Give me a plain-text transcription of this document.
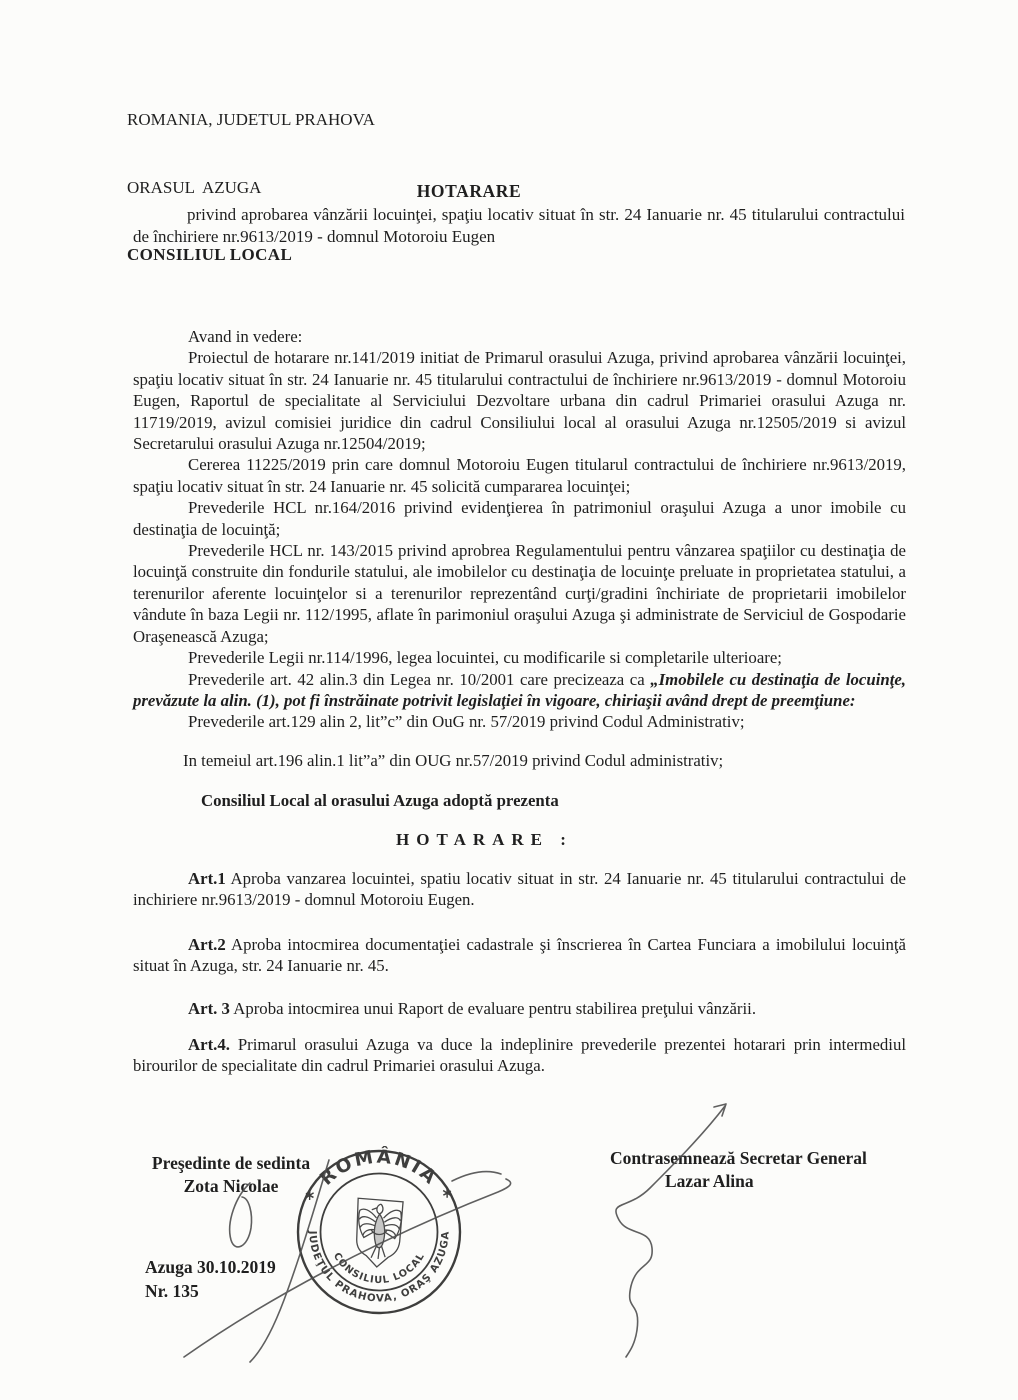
ROMANIA, JUDETUL PRAHOVA

ORASUL  AZUGA

CONSILIUL LOCAL

HOTARARE

privind aprobarea vânzării locuinţei, spaţiu locativ situat în str. 24 Ianuarie nr. 45 titularului contractului de închiriere nr.9613/2019 - domnul Motoroiu Eugen

Avand in vedere:

Proiectul de hotarare nr.141/2019 initiat de Primarul orasului Azuga, privind aprobarea vânzării locuinţei, spaţiu locativ situat în str. 24 Ianuarie nr. 45 titularului contractului de închiriere nr.9613/2019 - domnul Motoroiu Eugen, Raportul de specialitate al Serviciului Dezvoltare urbana din cadrul Primariei orasului Azuga nr. 11719/2019, avizul comisiei juridice din cadrul Consiliului local al orasului Azuga nr.12505/2019 si avizul Secretarului orasului Azuga nr.12504/2019;

Cererea 11225/2019 prin care domnul Motoroiu Eugen titularul contractului de închiriere nr.9613/2019, spaţiu locativ situat în str. 24 Ianuarie nr. 45 solicită cumpararea locuinţei;

Prevederile HCL nr.164/2016 privind evidenţierea în patrimoniul oraşului Azuga a unor imobile cu destinaţia de locuinţă;

Prevederile HCL nr. 143/2015 privind aprobrea Regulamentului pentru vânzarea spaţiilor cu destinaţia de locuinţă construite din fondurile statului, ale imobilelor cu destinaţia de locuinţe preluate in proprietatea statului, a terenurilor aferente locuinţelor si a terenurilor reprezentând curţi/gradini închiriate de proprietarii imobilelor vândute în baza Legii nr. 112/1995, aflate în parimoniul oraşului Azuga şi administrate de Serviciul de Gospodarie Oraşenească Azuga;

Prevederile Legii nr.114/1996, legea locuintei, cu modificarile si completarile ulterioare;

Prevederile art. 42 alin.3 din Legea nr. 10/2001 care precizeaza ca „Imobilele cu destinaţia de locuinţe, prevăzute la alin. (1), pot fi înstrăinate potrivit legislaţiei în vigoare, chiriaşii având drept de preemţiune:

Prevederile art.129 alin 2, lit”c” din OuG nr. 57/2019 privind Codul Administrativ;

In temeiul art.196 alin.1 lit”a” din OUG nr.57/2019 privind Codul administrativ;

Consiliul Local al orasului Azuga adoptă prezenta

HOTARARE :

Art.1 Aproba vanzarea locuintei, spatiu locativ situat in str. 24 Ianuarie nr. 45 titularului contractului de inchiriere nr.9613/2019 - domnul Motoroiu Eugen.

Art.2 Aproba intocmirea documentaţiei cadastrale şi înscrierea în Cartea Funciara a imobilului locuinţă situat în Azuga, str. 24 Ianuarie nr. 45.

Art. 3 Aproba intocmirea unui Raport de evaluare pentru stabilirea preţului vânzării.

Art.4. Primarul orasului Azuga va duce la indeplinire prevederile prezentei hotarari prin intermediul birourilor de specialitate din cadrul Primariei orasului Azuga.

Preşedinte de sedinta
Zota Nicolae
Azuga 30.10.2019
Nr. 135
Contrasemnează Secretar General
Lazar Alina
* ROMÂNIA *
JUDEŢUL PRAHOVA, ORAŞ AZUGA
CONSILIUL LOCAL
